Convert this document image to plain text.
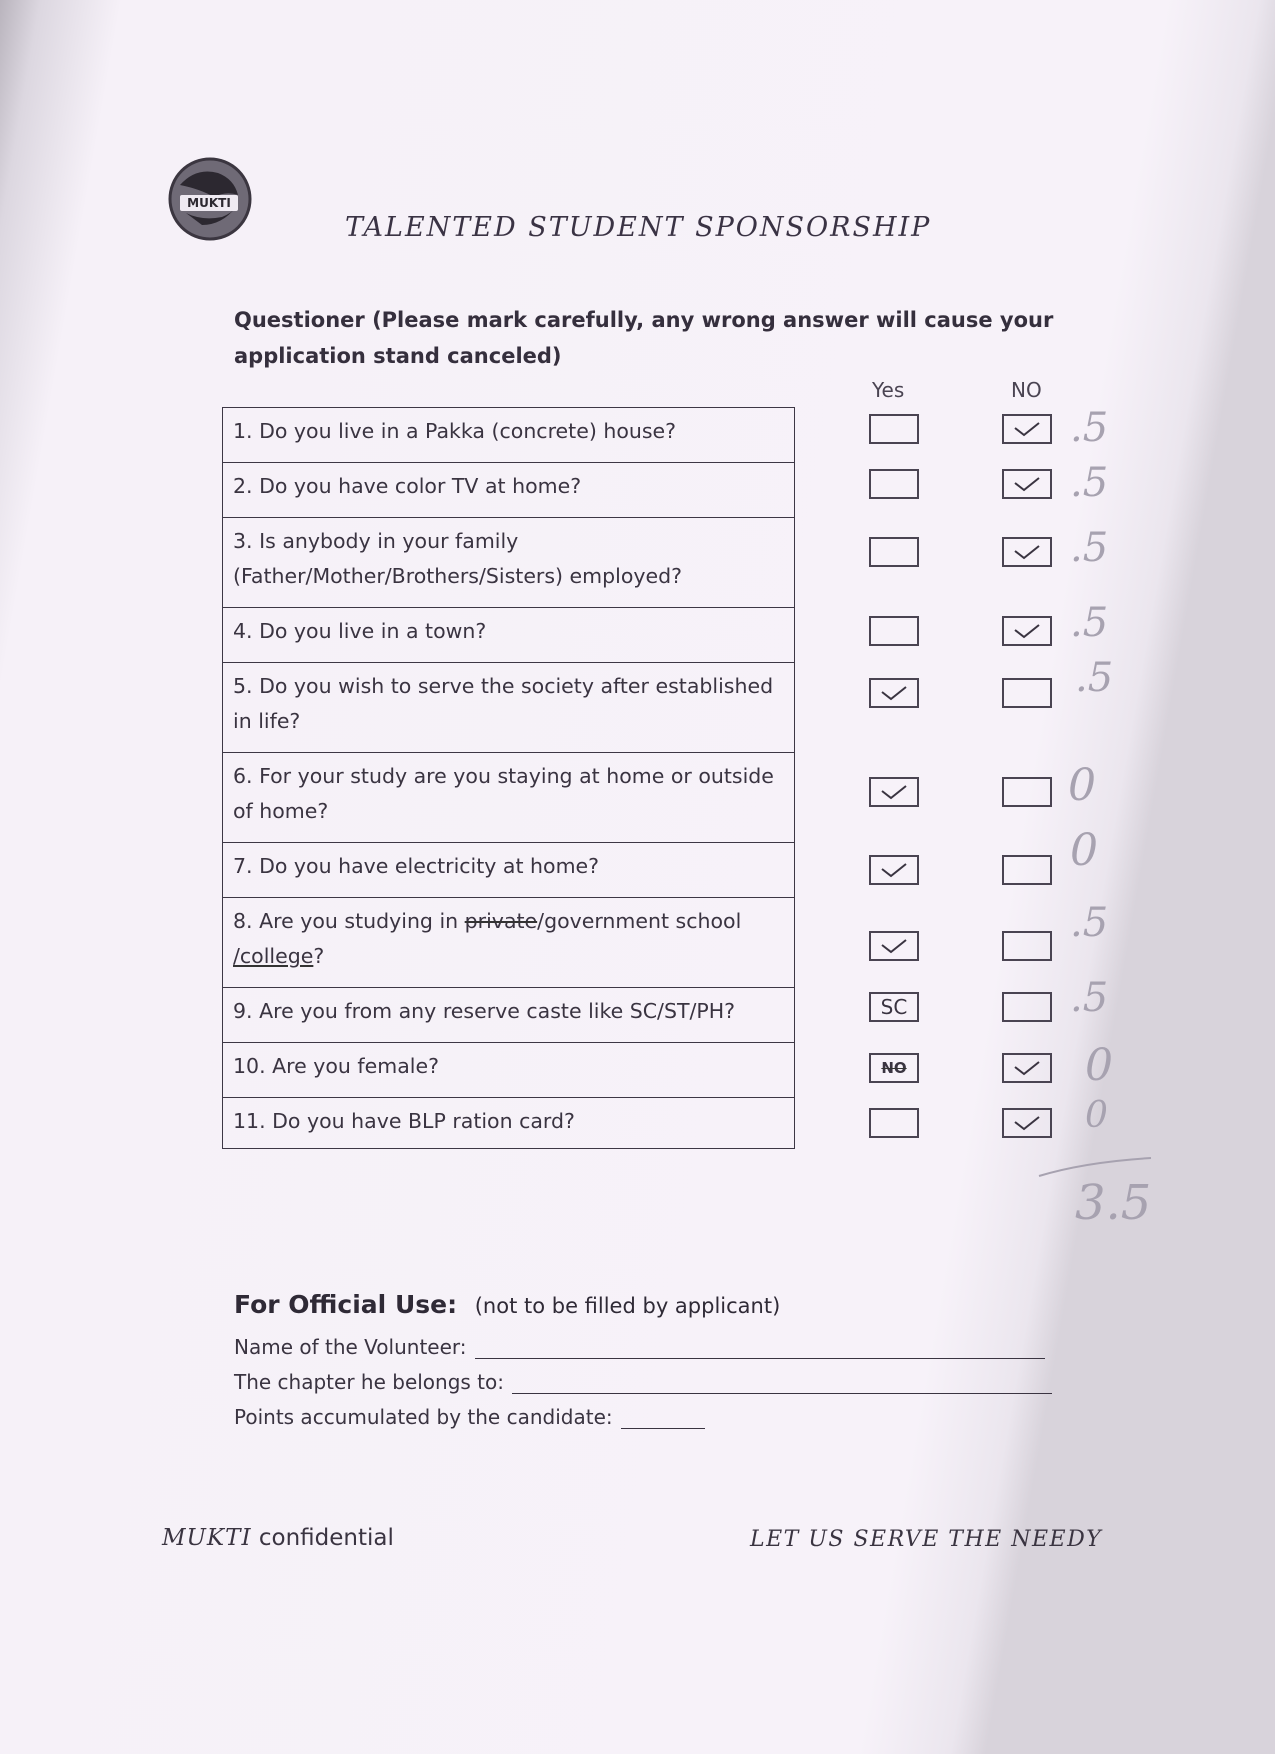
MUKTI
TALENTED STUDENT SPONSORSHIP
Questioner (Please mark carefully, any wrong answer will cause your application stand canceled)
Yes	NO
1. Do you live in a Pakka (concrete) house?
2. Do you have color TV at home?
3. Is anybody in your family
(Father/Mother/Brothers/Sisters) employed?
4. Do you live in a town?
5. Do you wish to serve the society after established
in life?
6. For your study are you staying at home or outside
of home?
7. Do you have electricity at home?
8. Are you studying in private/government school
/college?
9. Are you from any reserve caste like SC/ST/PH?
10. Are you female?
11. Do you have BLP ration card?
SC
NO
.5
.5
.5
.5
.5
0
0
.5
.5
0
0
3.5
For Official Use: (not to be filled by applicant)
Name of the Volunteer:
The chapter he belongs to:
Points accumulated by the candidate:
MUKTI confidential	LET US SERVE THE NEEDY
